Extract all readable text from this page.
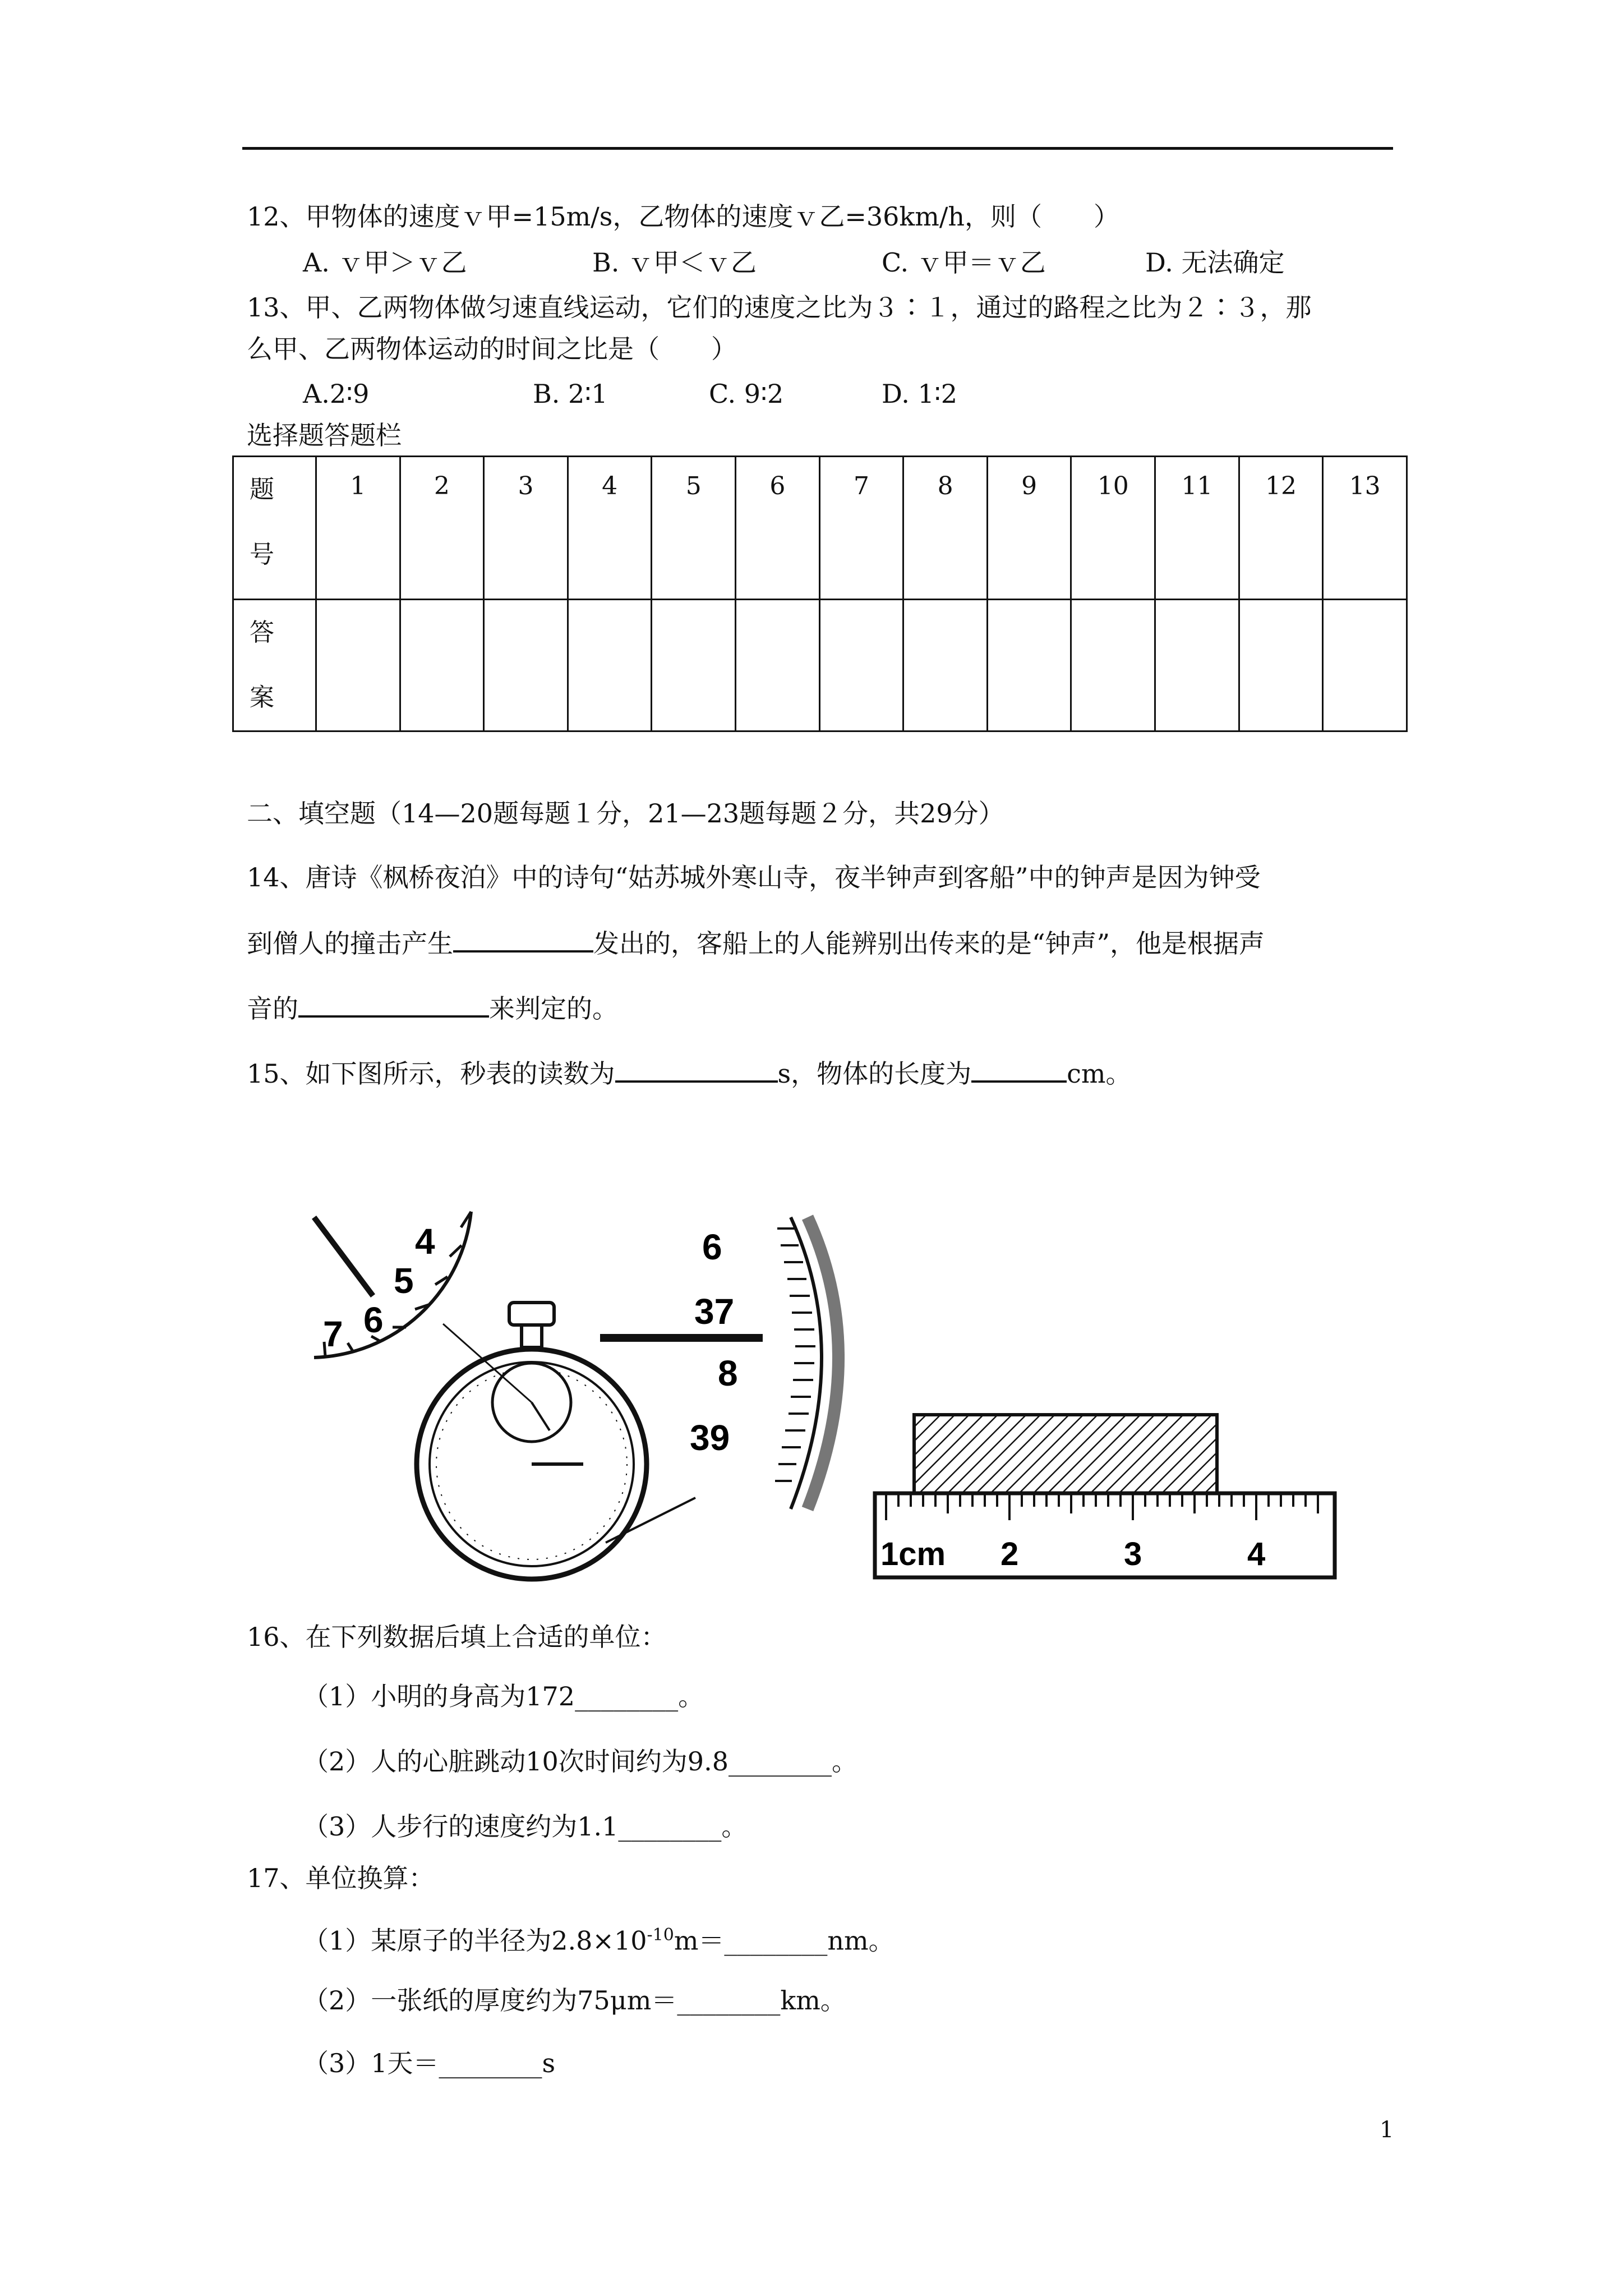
12、甲物体的速度ｖ甲=15m/s，乙物体的速度ｖ乙=36km/h，则（　　）
A. ｖ甲＞ｖ乙	B. ｖ甲＜ｖ乙	C. ｖ甲＝ｖ乙	D. 无法确定
13、甲、乙两物体做匀速直线运动，它们的速度之比为３∶１，通过的路程之比为２∶３，那
么甲、乙两物体运动的时间之比是（　　）
A.2∶9	B. 2∶1	C. 9∶2	D. 1∶2
选择题答题栏
题
号	1	2	3	4	5	6	7	8	9	10	11	12	13
答
案													
二、填空题（14—20题每题１分，21—23题每题２分，共29分）
14、唐诗《枫桥夜泊》中的诗句“姑苏城外寒山寺，夜半钟声到客船”中的钟声是因为钟受
到僧人的撞击产生	发出的，客船上的人能辨别出传来的是“钟声”，他是根据声
音的	来判定的。
15、如下图所示，秒表的读数为	s，物体的长度为	cm。
4
5
6
7
6
37
8
39
1cm 2	3	4
16、在下列数据后填上合适的单位：
（1）小明的身高为172________。
（2）人的心脏跳动10次时间约为9.8________。
（3）人步行的速度约为1.1________。
17、单位换算：
（1）某原子的半径为$2.8\times 10^{-10}m=\_\_\_\_\_\_\_\_nm$。
（2）一张纸的厚度约为75μm＝________km。
（3）1天＝________s
1
